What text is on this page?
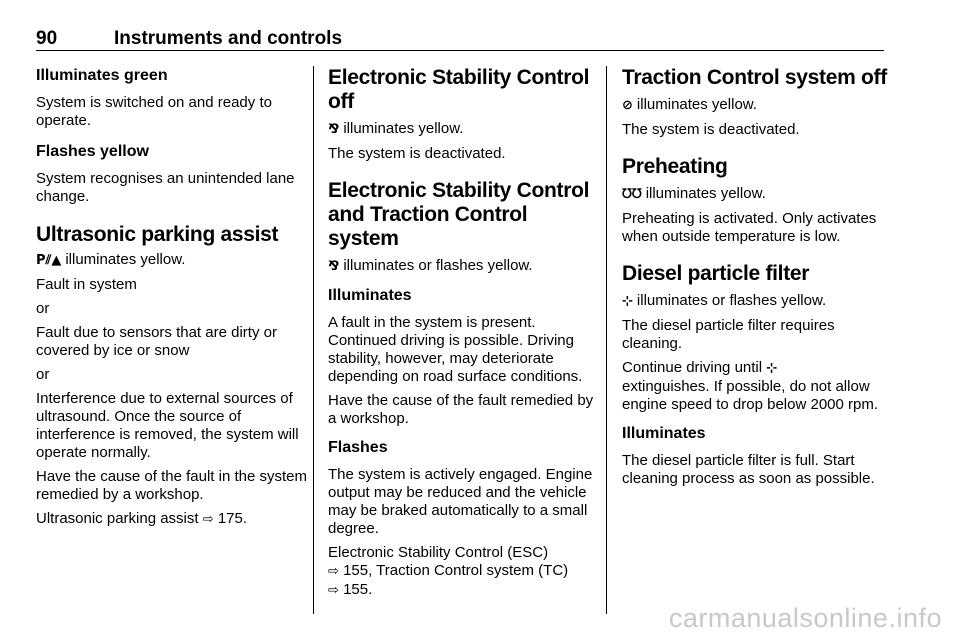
90	Instruments and controls
Illuminates green

System is switched on and ready to operate.

Flashes yellow

System recognises an unintended lane change.

Ultrasonic parking assist

P⫽▲ illuminates yellow.

Fault in system

or

Fault due to sensors that are dirty or covered by ice or snow

or

Interference due to external sources of ultrasound. Once the source of interference is removed, the system will operate normally.

Have the cause of the fault in the system remedied by a workshop.

Ultrasonic parking assist ⇨ 175.

Electronic Stability Control off

⅋ illuminates yellow.

The system is deactivated.

Electronic Stability Control and Traction Control system

⅋ illuminates or flashes yellow.

Illuminates

A fault in the system is present. Continued driving is possible. Driving stability, however, may deteriorate depending on road surface conditions.

Have the cause of the fault remedied by a workshop.

Flashes

The system is actively engaged. Engine output may be reduced and the vehicle may be braked automatically to a small degree.

Electronic Stability Control (ESC)
⇨ 155, Traction Control system (TC)
⇨ 155.

Traction Control system off

⊘ illuminates yellow.

The system is deactivated.

Preheating

ᘮᘮ illuminates yellow.

Preheating is activated. Only activates when outside temperature is low.

Diesel particle filter

⊹ illuminates or flashes yellow.

The diesel particle filter requires cleaning.

Continue driving until ⊹
extinguishes. If possible, do not allow engine speed to drop below 2000 rpm.

Illuminates

The diesel particle filter is full. Start cleaning process as soon as possible.

carmanualsonline.info
